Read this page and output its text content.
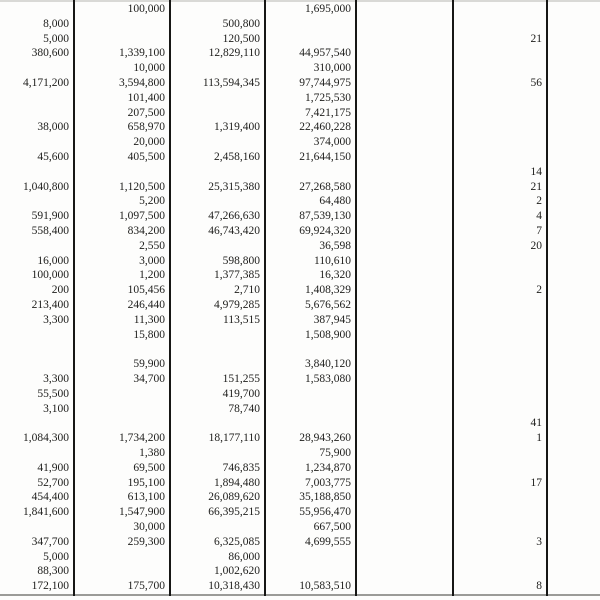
	100,000		1,695,000			
8,000		500,800				
5,000		120,500			21	
380,600	1,339,100	12,829,110	44,957,540			
	10,000		310,000			
4,171,200	3,594,800	113,594,345	97,744,975		56	
	101,400		1,725,530			
	207,500		7,421,175			
38,000	658,970	1,319,400	22,460,228			
	20,000		374,000			
45,600	405,500	2,458,160	21,644,150			
					14	
1,040,800	1,120,500	25,315,380	27,268,580		21	
	5,200		64,480		2	
591,900	1,097,500	47,266,630	87,539,130		4	
558,400	834,200	46,743,420	69,924,320		7	
	2,550		36,598		20	
16,000	3,000	598,800	110,610			
100,000	1,200	1,377,385	16,320			
200	105,456	2,710	1,408,329		2	
213,400	246,440	4,979,285	5,676,562			
3,300	11,300	113,515	387,945			
	15,800		1,508,900			

	59,900		3,840,120			
3,300	34,700	151,255	1,583,080			
55,500		419,700				
3,100		78,740				
					41	
1,084,300	1,734,200	18,177,110	28,943,260		1	
	1,380		75,900			
41,900	69,500	746,835	1,234,870			
52,700	195,100	1,894,480	7,003,775		17	
454,400	613,100	26,089,620	35,188,850			
1,841,600	1,547,900	66,395,215	55,956,470			
	30,000		667,500			
347,700	259,300	6,325,085	4,699,555		3	
5,000		86,000				
88,300		1,002,620				
172,100	175,700	10,318,430	10,583,510		8	
